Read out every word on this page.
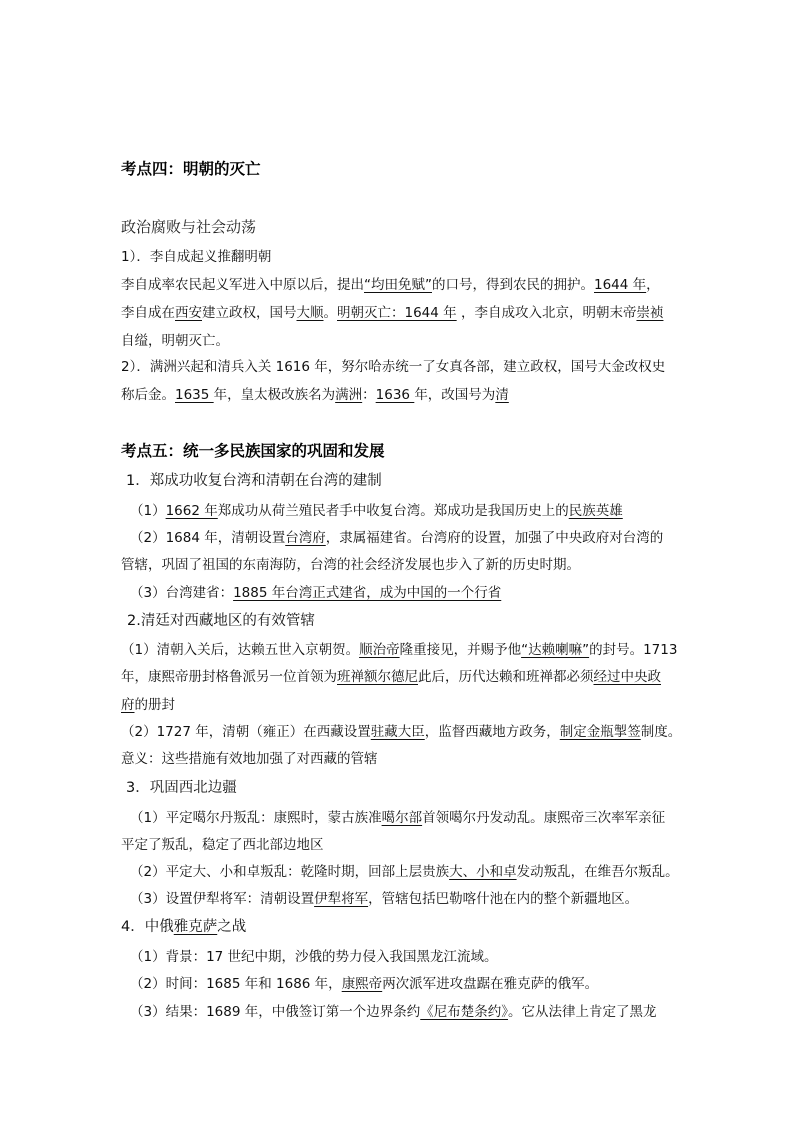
考点四：明朝的灭亡
政治腐败与社会动荡
1）．李自成起义推翻明朝
李自成率农民起义军进入中原以后，提出“均田免赋”的口号，得到农民的拥护。1644 年，
李自成在西安建立政权，国号大顺。明朝灭亡：1644 年 ，李自成攻入北京，明朝末帝崇祯
自缢，明朝灭亡。
2）．满洲兴起和清兵入关 1616 年，努尔哈赤统一了女真各部，建立政权，国号大金改权史
称后金。1635 年，皇太极改族名为满洲：1636 年，改国号为清
考点五：统一多民族国家的巩固和发展
1．郑成功收复台湾和清朝在台湾的建制
（1）1662 年郑成功从荷兰殖民者手中收复台湾。郑成功是我国历史上的民族英雄
（2）1684 年，清朝设置台湾府，隶属福建省。台湾府的设置，加强了中央政府对台湾的
管辖，巩固了祖国的东南海防，台湾的社会经济发展也步入了新的历史时期。
（3）台湾建省：1885 年台湾正式建省，成为中国的一个行省
2.清廷对西藏地区的有效管辖
（1）清朝入关后，达赖五世入京朝贺。顺治帝隆重接见，并赐予他“达赖喇嘛”的封号。1713
年，康熙帝册封格鲁派另一位首领为班禅额尔德尼此后，历代达赖和班禅都必须经过中央政
府的册封
（2）1727 年，清朝（雍正）在西藏设置驻藏大臣，监督西藏地方政务，制定金瓶掣签制度。
意义：这些措施有效地加强了对西藏的管辖
3．巩固西北边疆
（1）平定噶尔丹叛乱：康熙时，蒙古族准噶尔部首领噶尔丹发动乱。康熙帝三次率军亲征
平定了叛乱，稳定了西北部边地区
（2）平定大、小和卓叛乱：乾隆时期，回部上层贵族大、小和卓发动叛乱，在维吾尔叛乱。
（3）设置伊犁将军：清朝设置伊犁将军，管辖包括巴勒喀什池在内的整个新疆地区。
4．中俄雅克萨之战
（1）背景：17 世纪中期，沙俄的势力侵入我国黑龙江流域。
（2）时间：1685 年和 1686 年，康熙帝两次派军进攻盘踞在雅克萨的俄军。
（3）结果：1689 年，中俄签订第一个边界条约《尼布楚条约》。它从法律上肯定了黑龙
